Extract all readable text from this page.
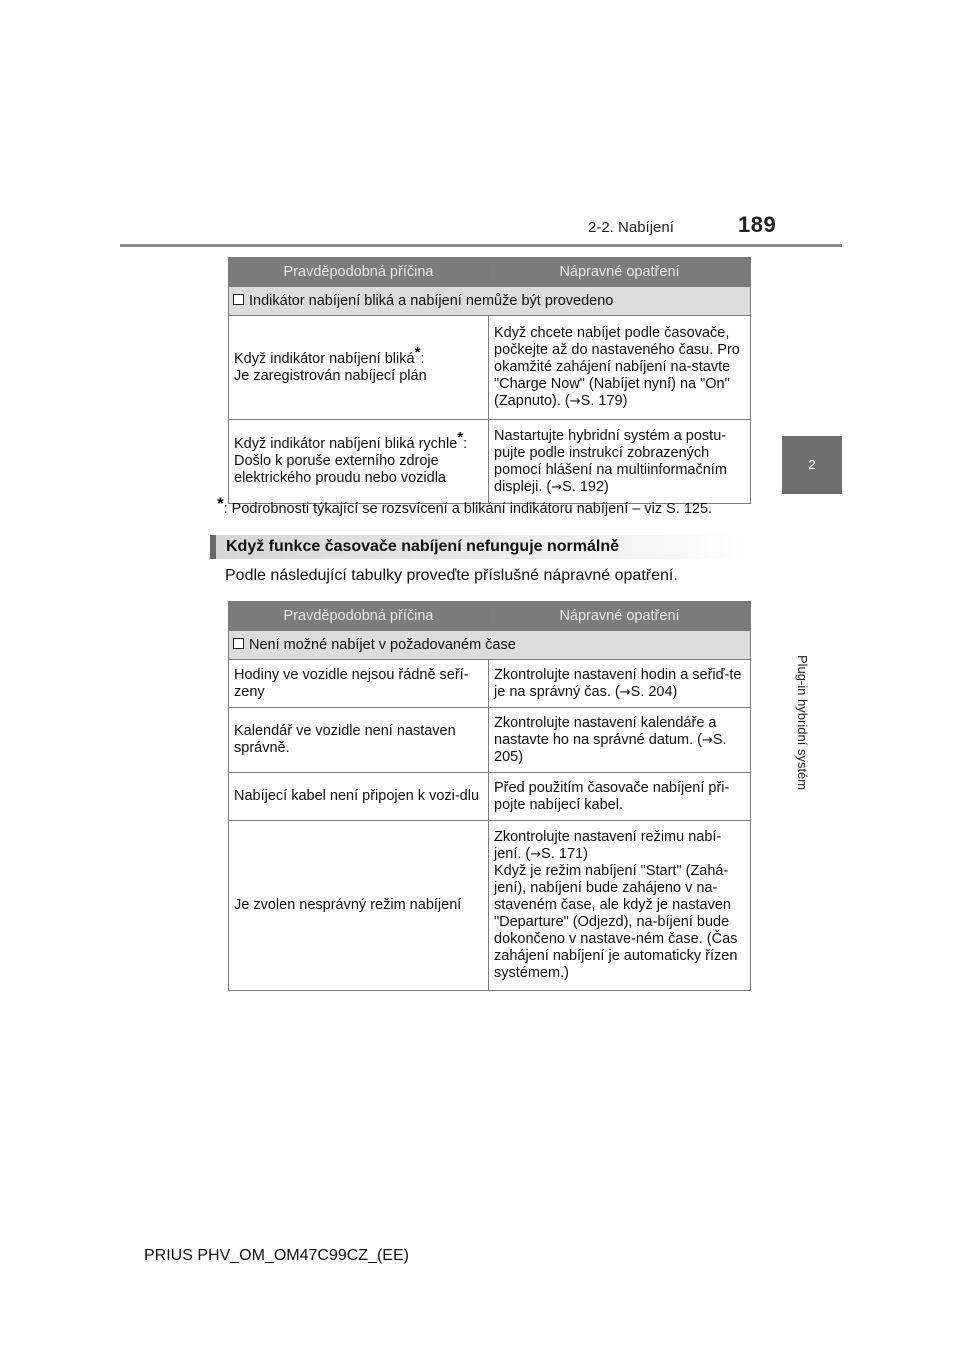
2-2. Nabíjení	189
2
Plug-in hybridní systém
Pravděpodobná příčina	Nápravné opatření
Indikátor nabíjení bliká a nabíjení nemůže být provedeno	
Když indikátor nabíjení bliká*:
Je zaregistrován nabíjecí plán	Když chcete nabíjet podle časovače, počkejte až do nastaveného času. Pro okamžité zahájení nabíjení na-stavte "Charge Now" (Nabíjet nyní) na "On" (Zapnuto). (→S. 179)
Když indikátor nabíjení bliká rychle*:
Došlo k poruše externího zdroje elektrického proudu nebo vozidla	Nastartujte hybridní systém a postu-pujte podle instrukcí zobrazených pomocí hlášení na multiinformačním displeji. (→S. 192)
*: Podrobnosti týkající se rozsvícení a blikání indikátoru nabíjení – viz S. 125.
Když funkce časovače nabíjení nefunguje normálně
Podle následující tabulky proveďte příslušné nápravné opatření.
Pravděpodobná příčina	Nápravné opatření
Není možné nabíjet v požadovaném čase	
Hodiny ve vozidle nejsou řádně seří-zeny	Zkontrolujte nastavení hodin a seřiď-te je na správný čas. (→S. 204)
Kalendář ve vozidle není nastaven správně.	Zkontrolujte nastavení kalendáře a nastavte ho na správné datum. (→S. 205)
Nabíjecí kabel není připojen k vozi-dlu	Před použitím časovače nabíjení při-pojte nabíjecí kabel.
Je zvolen nesprávný režim nabíjení	Zkontrolujte nastavení režimu nabí-jení. (→S. 171)
Když je režim nabíjení "Start" (Zahá-jení), nabíjení bude zahájeno v na-staveném čase, ale když je nastaven "Departure" (Odjezd), na-bíjení bude dokončeno v nastave-ném čase. (Čas zahájení nabíjení je automaticky řízen systémem.)
PRIUS PHV_OM_OM47C99CZ_(EE)
